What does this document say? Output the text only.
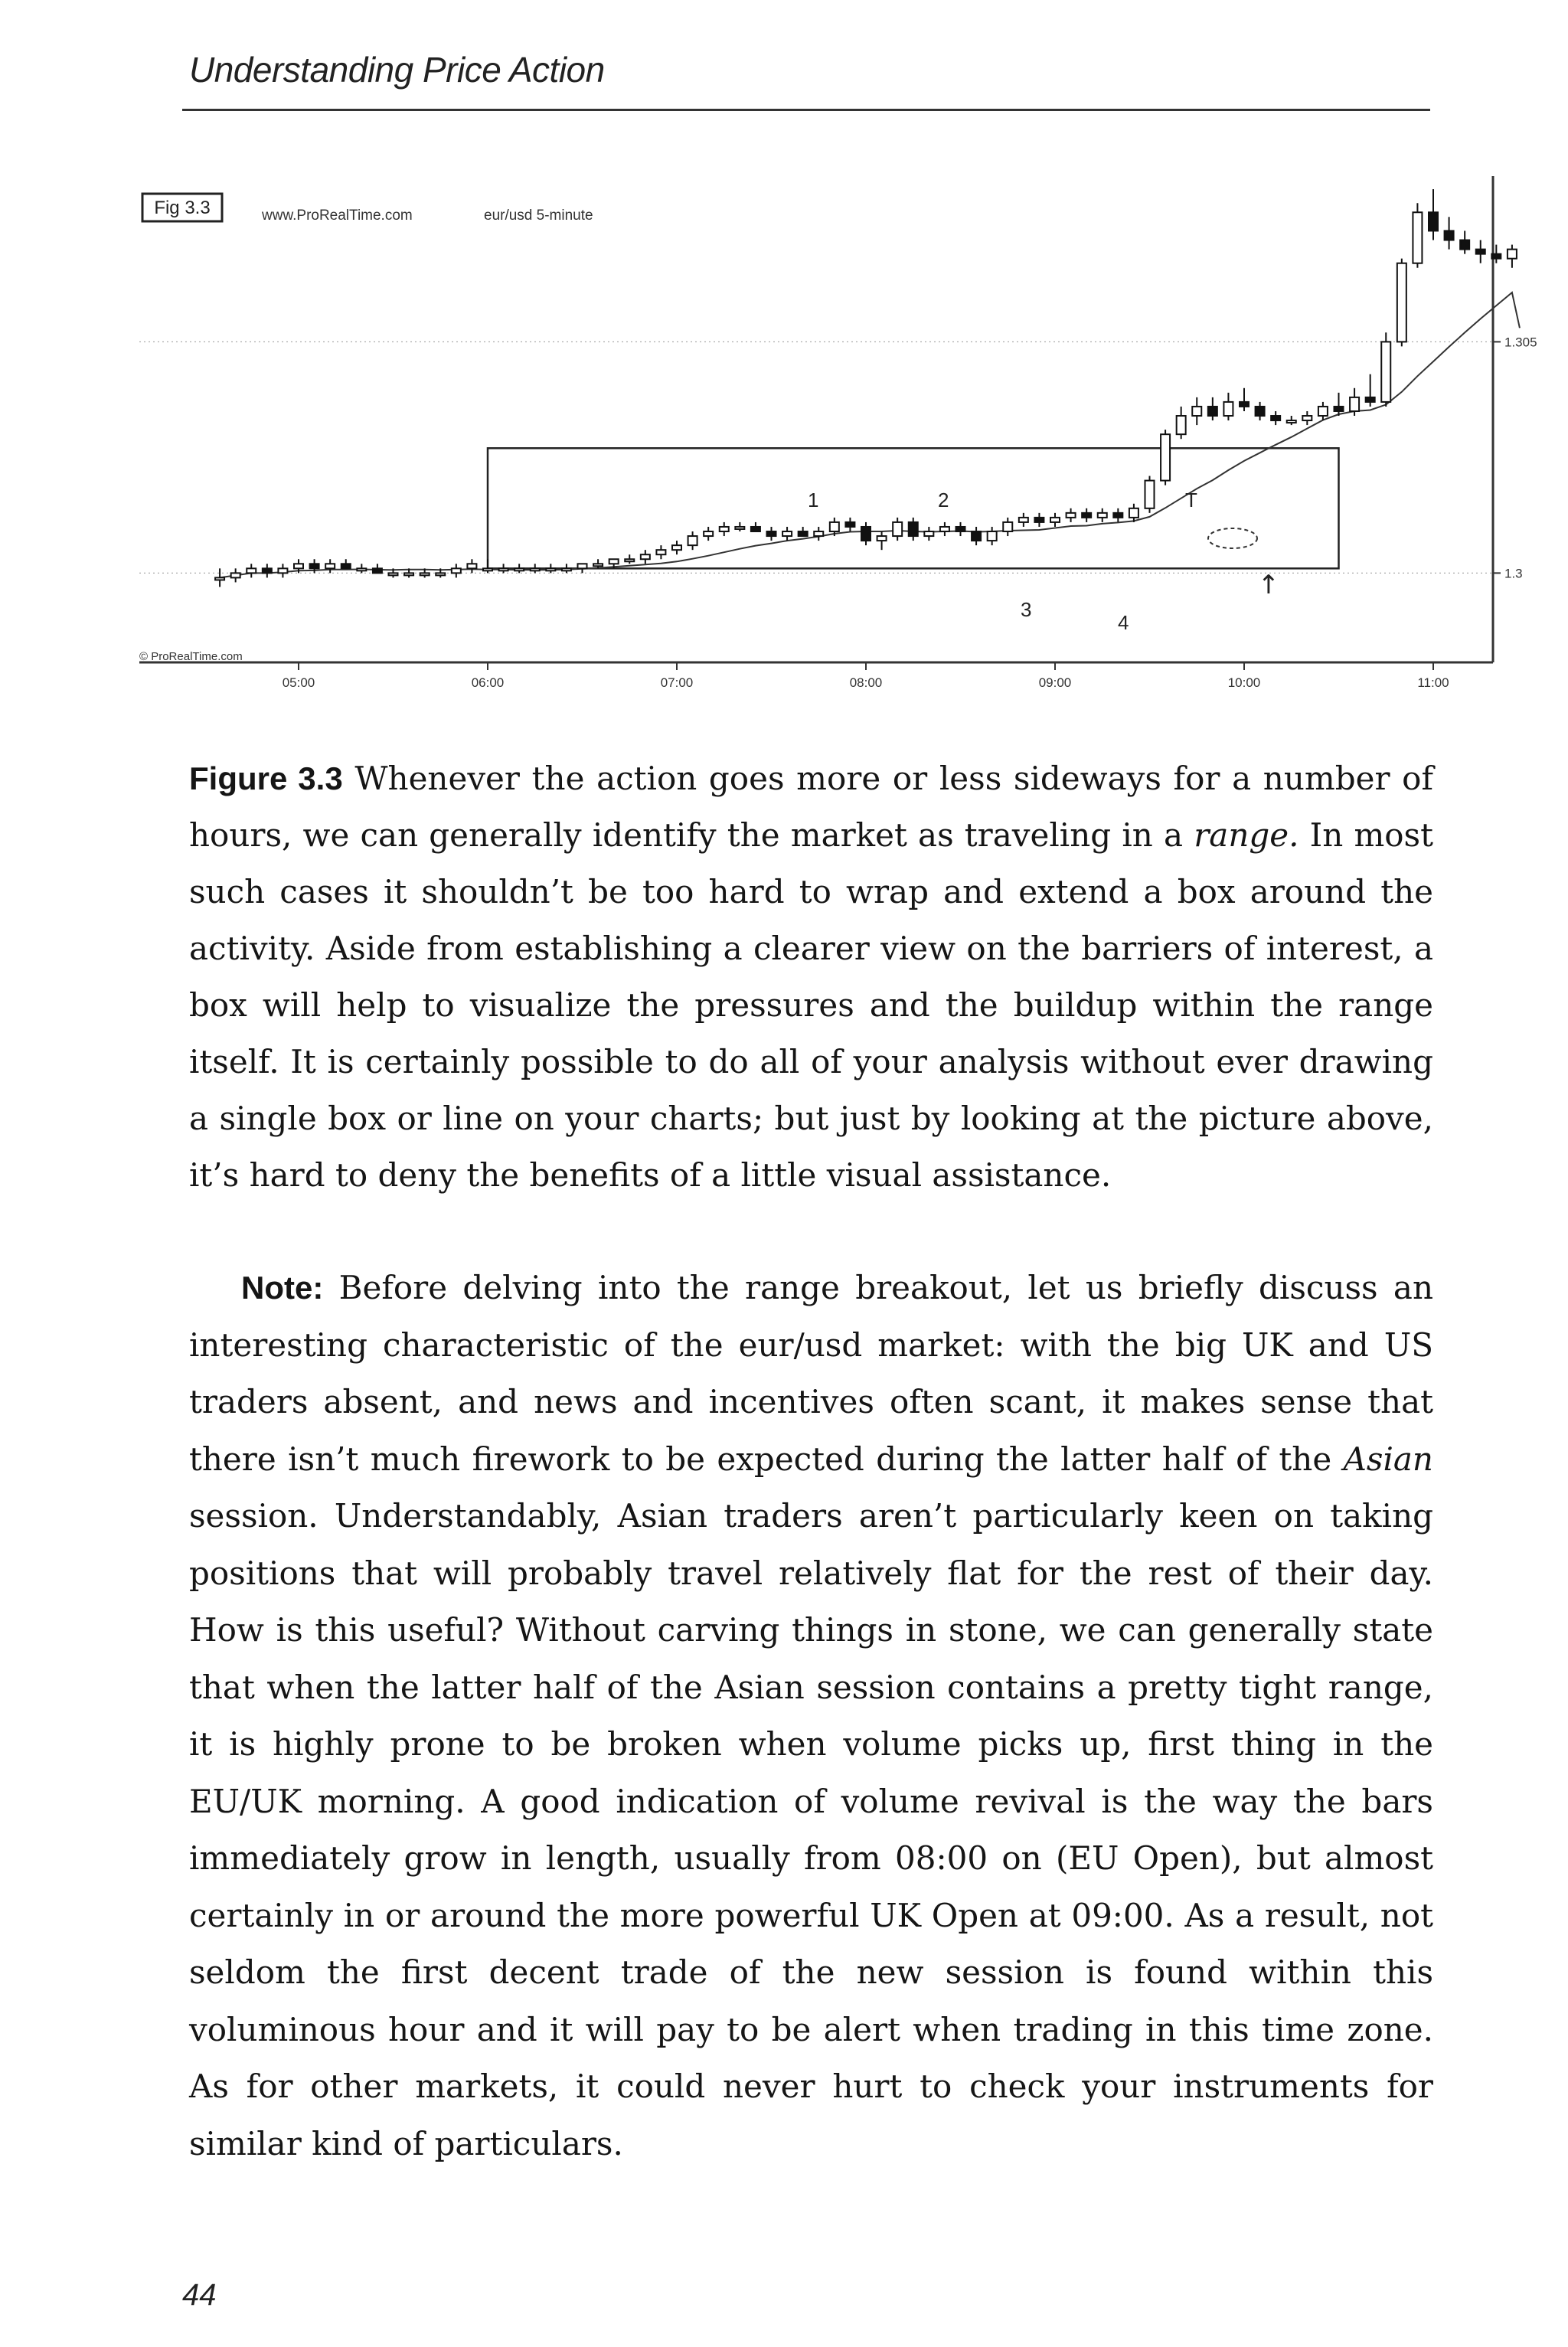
Understanding Price Action
Fig 3.3	www.ProRealTime.com	eur/usd 5-minute
© ProRealTime.com
05:00	06:00	07:00	08:00	09:00	10:00	11:00
1.305
1.3
1	2	T
3
4
↑

Figure 3.3 Whenever the action goes more or less sideways for a number of hours, we can generally identify the market as traveling in a range. In most such cases it shouldn’t be too hard to wrap and extend a box around the activity. Aside from establishing a clearer view on the barriers of interest, a box will help to visualize the pressures and the buildup within the range itself. It is certainly possible to do all of your analysis without ever drawing a single box or line on your charts; but just by looking at the picture above, it’s hard to deny the benefits of a little visual assistance.

Note: Before delving into the range breakout, let us briefly discuss an interesting characteristic of the eur/usd market: with the big UK and US traders absent, and news and incentives often scant, it makes sense that there isn’t much firework to be expected during the latter half of the Asian session. Understandably, Asian traders aren’t particularly keen on taking positions that will probably travel relatively flat for the rest of their day. How is this useful? Without carving things in stone, we can generally state that when the latter half of the Asian session contains a pretty tight range, it is highly prone to be broken when volume picks up, first thing in the EU/UK morning. A good indication of volume revival is the way the bars immediately grow in length, usually from 08:00 on (EU Open), but almost certainly in or around the more powerful UK Open at 09:00. As a result, not seldom the first decent trade of the new session is found within this voluminous hour and it will pay to be alert when trading in this time zone. As for other markets, it could never hurt to check your instruments for similar kind of particulars.

44
